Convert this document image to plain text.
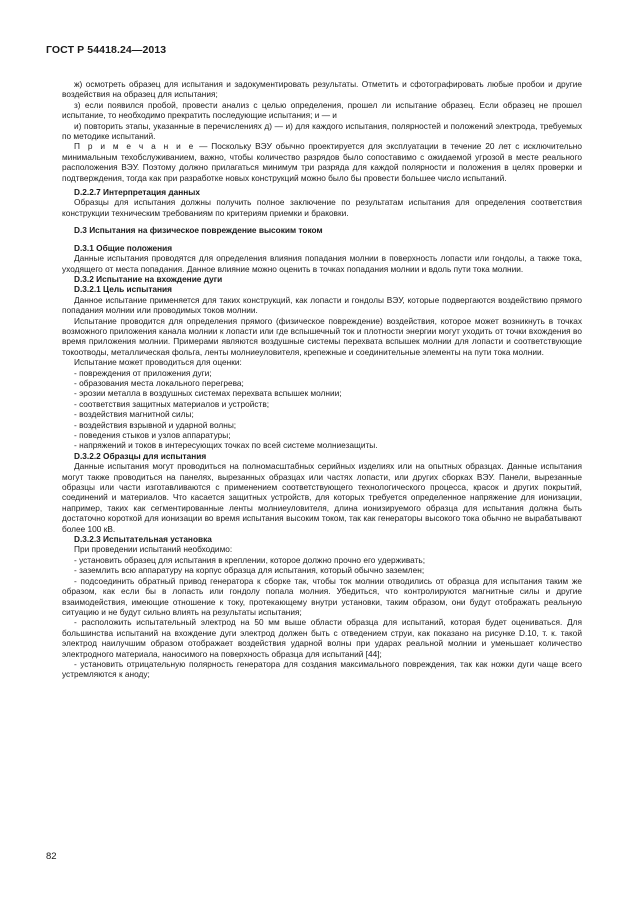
ГОСТ Р 54418.24—2013

ж) осмотреть образец для испытания и задокументировать результаты. Отметить и сфотографировать любые пробои и другие воздействия на образец для испытания;

з) если появился пробой, провести анализ с целью определения, прошел ли испытание образец. Если образец не прошел испытание, то необходимо прекратить последующие испытания; и — и

и) повторить этапы, указанные в перечислениях д) — и) для каждого испытания, полярностей и положений электрода, требуемых по методике испытаний.

П р и м е ч а н и е — Поскольку ВЭУ обычно проектируется для эксплуатации в течение 20 лет с исключительно минимальным техобслуживанием, важно, чтобы количество разрядов было сопоставимо с ожидаемой угрозой в месте реального расположения ВЭУ. Поэтому должно прилагаться минимум три разряда для каждой полярности и положения в целях проверки и подтверждения, тогда как при разработке новых конструкций можно было бы провести большее число испытаний.

D.2.2.7 Интерпретация данных

Образцы для испытания должны получить полное заключение по результатам испытания для определения соответствия конструкции техническим требованиям по критериям приемки и браковки.

D.3 Испытания на физическое повреждение высоким током

D.3.1 Общие положения

Данные испытания проводятся для определения влияния попадания молнии в поверхность лопасти или гондолы, а также тока, уходящего от места попадания. Данное влияние можно оценить в точках попадания молнии и вдоль пути тока молнии.

D.3.2 Испытание на вхождение дуги

D.3.2.1 Цель испытания

Данное испытание применяется для таких конструкций, как лопасти и гондолы ВЭУ, которые подвергаются воздействию прямого попадания молнии или проводимых токов молнии.

Испытание проводится для определения прямого (физическое повреждение) воздействия, которое может возникнуть в точках возможного приложения канала молнии к лопасти или где вспышечный ток и плотности энергии могут уходить от точки вхождения во время приложения молнии. Примерами являются воздушные системы перехвата вспышек молнии для лопасти и соответствующие токоотводы, металлическая фольга, ленты молниеуловителя, крепежные и соединительные элементы на пути тока молнии.

Испытание может проводиться для оценки:

- повреждения от приложения дуги;

- образования места локального перегрева;

- эрозии металла в воздушных системах перехвата вспышек молнии;

- соответствия защитных материалов и устройств;

- воздействия магнитной силы;

- воздействия взрывной и ударной волны;

- поведения стыков и узлов аппаратуры;

- напряжений и токов в интересующих точках по всей системе молниезащиты.

D.3.2.2 Образцы для испытания

Данные испытания могут проводиться на полномасштабных серийных изделиях или на опытных образцах. Данные испытания могут также проводиться на панелях, вырезанных образцах или частях лопасти, или других сборках ВЭУ. Панели, вырезанные образцы или части изготавливаются с применением соответствующего технологического процесса, красок и других покрытий, соединений и материалов. Что касается защитных устройств, для которых требуется определенное напряжение для ионизации, например, таких как сегментированные ленты молниеуловителя, длина ионизируемого образца для испытания должна быть достаточно короткой для ионизации во время испытания высоким током, так как генераторы высокого тока обычно не вырабатывают более 100 кВ.

D.3.2.3 Испытательная установка

При проведении испытаний необходимо:

- установить образец для испытания в креплении, которое должно прочно его удерживать;

- заземлить всю аппаратуру на корпус образца для испытания, который обычно заземлен;

- подсоединить обратный привод генератора к сборке так, чтобы ток молнии отводились от образца для испытания таким же образом, как если бы в лопасть или гондолу попала молния. Убедиться, что контролируются магнитные силы и другие взаимодействия, имеющие отношение к току, протекающему внутри установки, таким образом, они будут отображать реальную ситуацию и не будут сильно влиять на результаты испытания;

- расположить испытательный электрод на 50 мм выше области образца для испытаний, которая будет оцениваться. Для большинства испытаний на вхождение дуги электрод должен быть с отведением струи, как показано на рисунке D.10, т. к. такой электрод наилучшим образом отображает воздействия ударной волны при ударах реальной молнии и уменьшает количество электродного материала, наносимого на поверхность образца для испытаний [44];

- установить отрицательную полярность генератора для создания максимального повреждения, так как ножки дуги чаще всего устремляются к аноду;

82
